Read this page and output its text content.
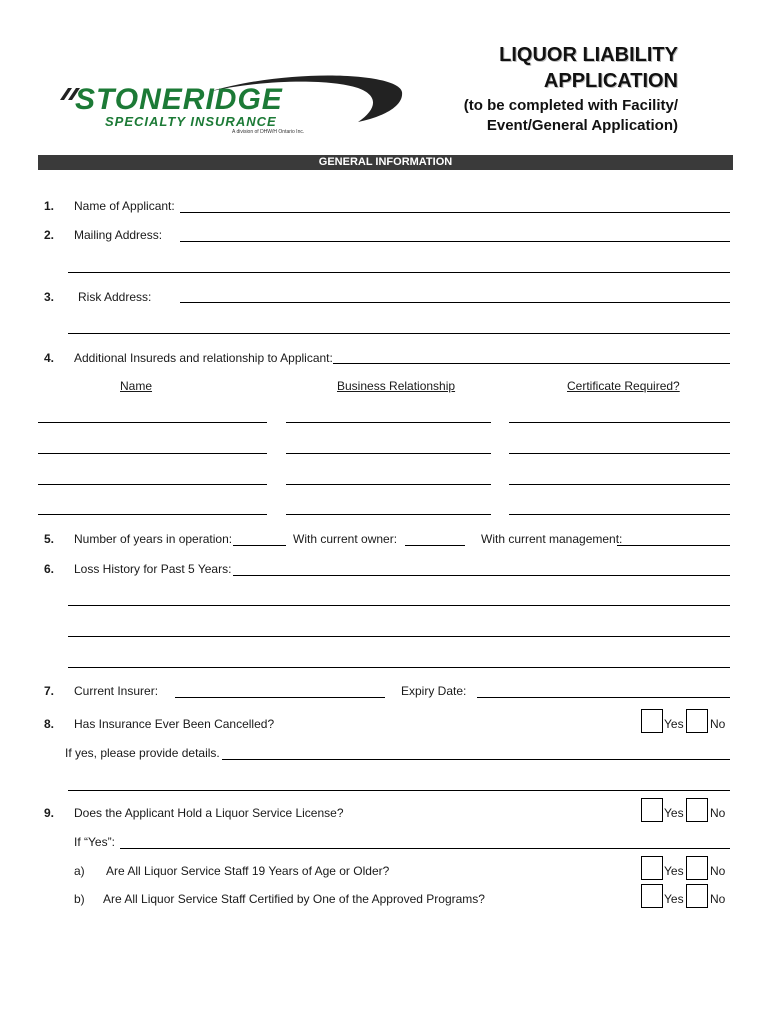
STONERIDGE
SPECIALTY INSURANCE
A division of DHW/H Ontario Inc.
LIQUOR LIABILITY
APPLICATION
(to be completed with Facility/
Event/General Application)
GENERAL INFORMATION
1. Name of Applicant:
2. Mailing Address:
3. Risk Address:
4. Additional Insureds and relationship to Applicant:
Name	Business Relationship	Certificate Required?
5. Number of years in operation:	With current owner:	With current management:
6. Loss History for Past 5 Years:
7. Current Insurer:	Expiry Date:
8. Has Insurance Ever Been Cancelled?	Yes No
If yes, please provide details.
9. Does the Applicant Hold a Liquor Service License?	Yes No
If “Yes”:
a) Are All Liquor Service Staff 19 Years of Age or Older?	Yes No
b) Are All Liquor Service Staff Certified by One of the Approved Programs?	Yes No
